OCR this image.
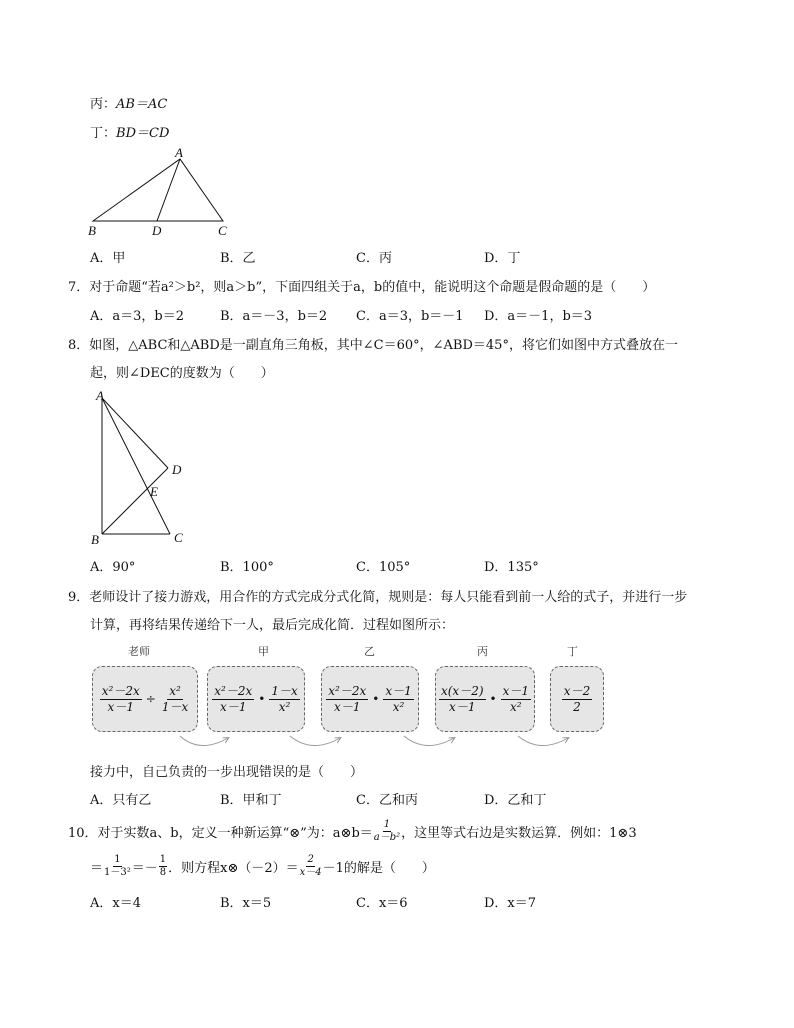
丙：AB＝AC
丁：BD＝CD
A
B	D	C
A．甲	B．乙	C．丙	D．丁
7．对于命题“若a²＞b²，则a＞b”，下面四组关于a，b的值中，能说明这个命题是假命题的是（　　）
A．a＝3，b＝2	B．a＝－3，b＝2 C．a＝3，b＝－1 D．a＝－1，b＝3
8．如图，△ABC和△ABD是一副直角三角板，其中∠C＝60°，∠ABD＝45°，将它们如图中方式叠放在一
起，则∠DEC的度数为（　　）
A
D
E
B	C
A．90°	B．100°	C．105°	D．135°
9．老师设计了接力游戏，用合作的方式完成分式化简，规则是：每人只能看到前一人给的式子，并进行一步
计算，再将结果传递给下一人，最后完成化简．过程如图所示：
老师	甲	乙	丙	丁
$\frac{\text{x²－2x}}{x-1} \div \frac{\text{x²}}{1-x} \frac{\text{x²－2x}}{x-1}$ • $\frac{1-x}{\text{x²}} \frac{\text{x²－2x}}{x-1}$ • $\frac{x-1}{\text{x²}} \frac{x(x-2)}{x-1}$ • $\frac{x-1}{\text{x²}}$	$\frac{x-2}{2}$
接力中，自己负责的一步出现错误的是（　　）
A．只有乙	B．甲和丁	C．乙和丙	D．乙和丁
10． 对于实数a、b，定义一种新运算“⊗”为：a⊗b＝ $\frac{1}{\text{a－b²}}$ ，这里等式右边是实数运算．例如：1⊗3
＝ $\frac{1}{\text{1－3²}} =- \frac{1}{8}$ ．则方程x⊗（－2）＝ $\frac{2}{x-4} -1$的解是（　　）
A．x＝4	B．x＝5	C．x＝6	D．x＝7
